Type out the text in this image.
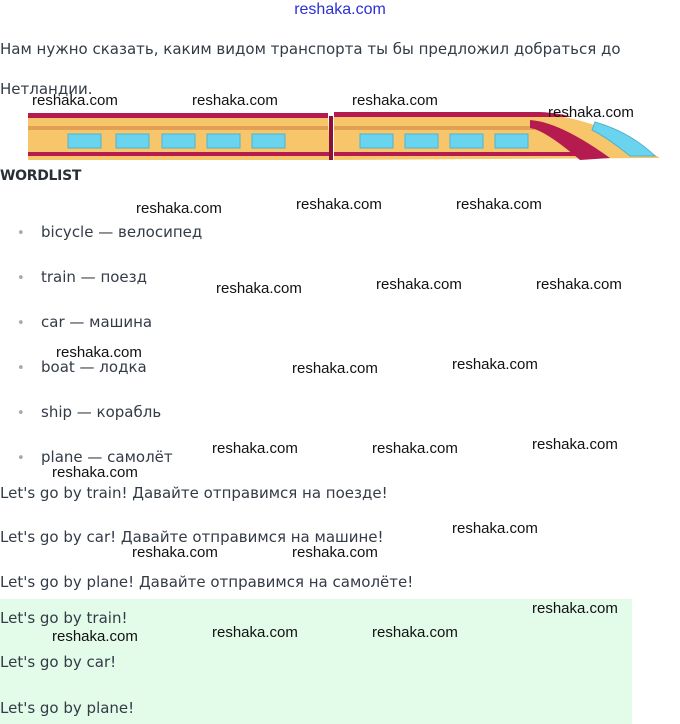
reshaka.com
Нам нужно сказать, каким видом транспорта ты бы предложил добраться до Нетландии.
WORDLIST
• bicycle — велосипед
• train — поезд
• car — машина
• boat — лодка
• ship — корабль
• plane — самолёт
Let's go by train! Давайте отправимся на поезде!
Let's go by car! Давайте отправимся на машине!
Let's go by plane! Давайте отправимся на самолёте!
Let's go by train!
Let's go by car!
Let's go by plane!
reshaka.com	reshaka.com	reshaka.com
reshaka.com
reshaka.com	reshaka.com	reshaka.com
reshaka.com	reshaka.com	reshaka.com
reshaka.com
reshaka.com	reshaka.com
reshaka.com	reshaka.com	reshaka.com
reshaka.com
reshaka.com
reshaka.com	reshaka.com
reshaka.com
reshaka.com	reshaka.com	reshaka.com
